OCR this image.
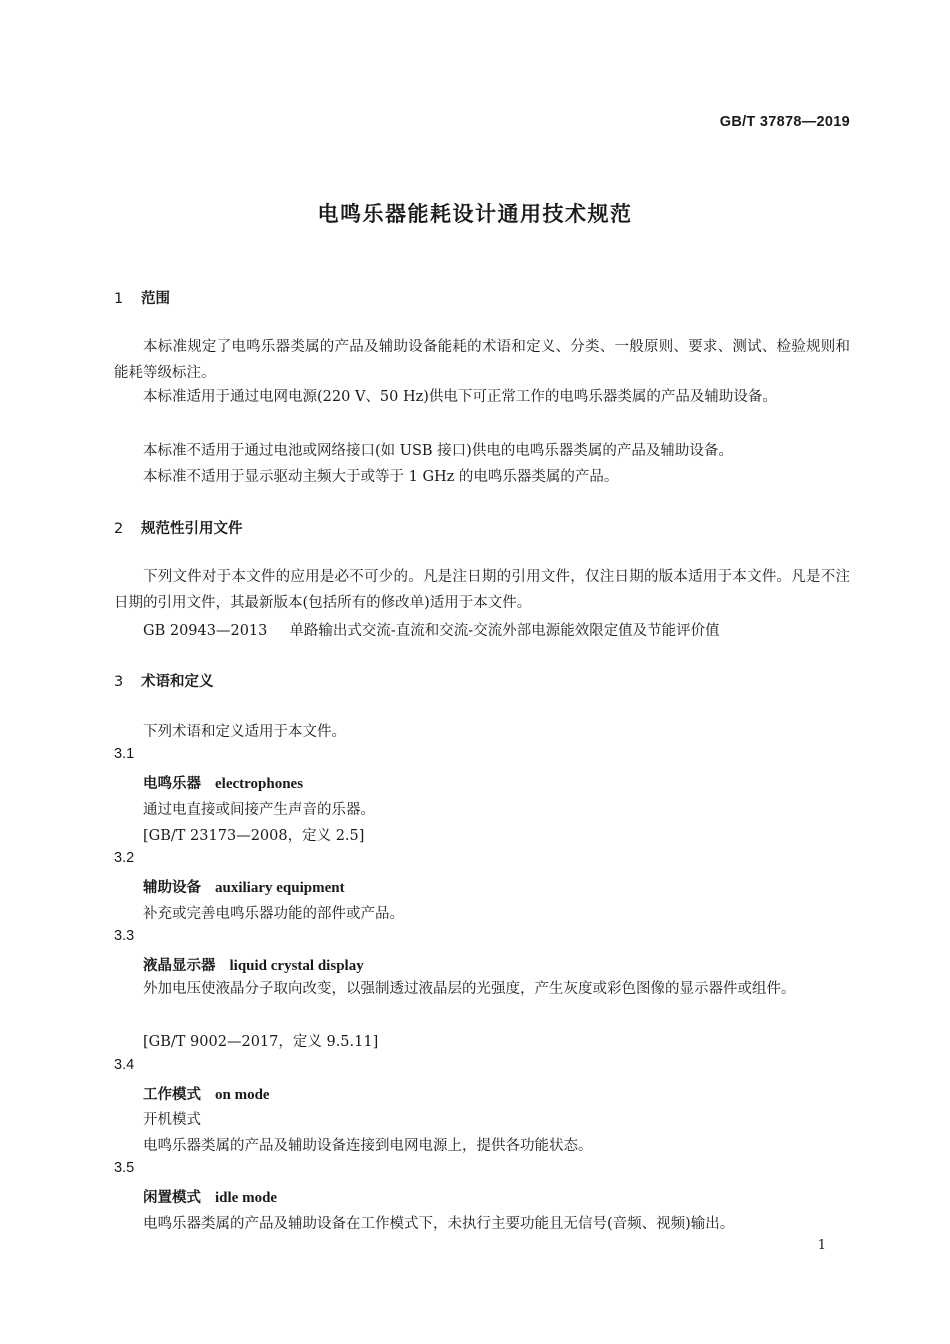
GB/T 37878—2019
电鸣乐器能耗设计通用技术规范
1 范围
本标准规定了电鸣乐器类属的产品及辅助设备能耗的术语和定义、分类、一般原则、要求、测试、检验规则和能耗等级标注。
本标准适用于通过电网电源(220 V、50 Hz)供电下可正常工作的电鸣乐器类属的产品及辅助设备。
本标准不适用于通过电池或网络接口(如 USB 接口)供电的电鸣乐器类属的产品及辅助设备。
本标准不适用于显示驱动主频大于或等于 1 GHz 的电鸣乐器类属的产品。
2 规范性引用文件
下列文件对于本文件的应用是必不可少的。凡是注日期的引用文件，仅注日期的版本适用于本文件。凡是不注日期的引用文件，其最新版本(包括所有的修改单)适用于本文件。
GB 20943—2013 单路输出式交流-直流和交流-交流外部电源能效限定值及节能评价值
3 术语和定义
下列术语和定义适用于本文件。
3.1
电鸣乐器 electrophones
通过电直接或间接产生声音的乐器。
[GB/T 23173—2008，定义 2.5]
3.2
辅助设备 auxiliary equipment
补充或完善电鸣乐器功能的部件或产品。
3.3
液晶显示器 liquid crystal display
外加电压使液晶分子取向改变，以强制透过液晶层的光强度，产生灰度或彩色图像的显示器件或组件。
[GB/T 9002—2017，定义 9.5.11]
3.4
工作模式 on mode
开机模式
电鸣乐器类属的产品及辅助设备连接到电网电源上，提供各功能状态。
3.5
闲置模式 idle mode
电鸣乐器类属的产品及辅助设备在工作模式下，未执行主要功能且无信号(音频、视频)输出。
1
